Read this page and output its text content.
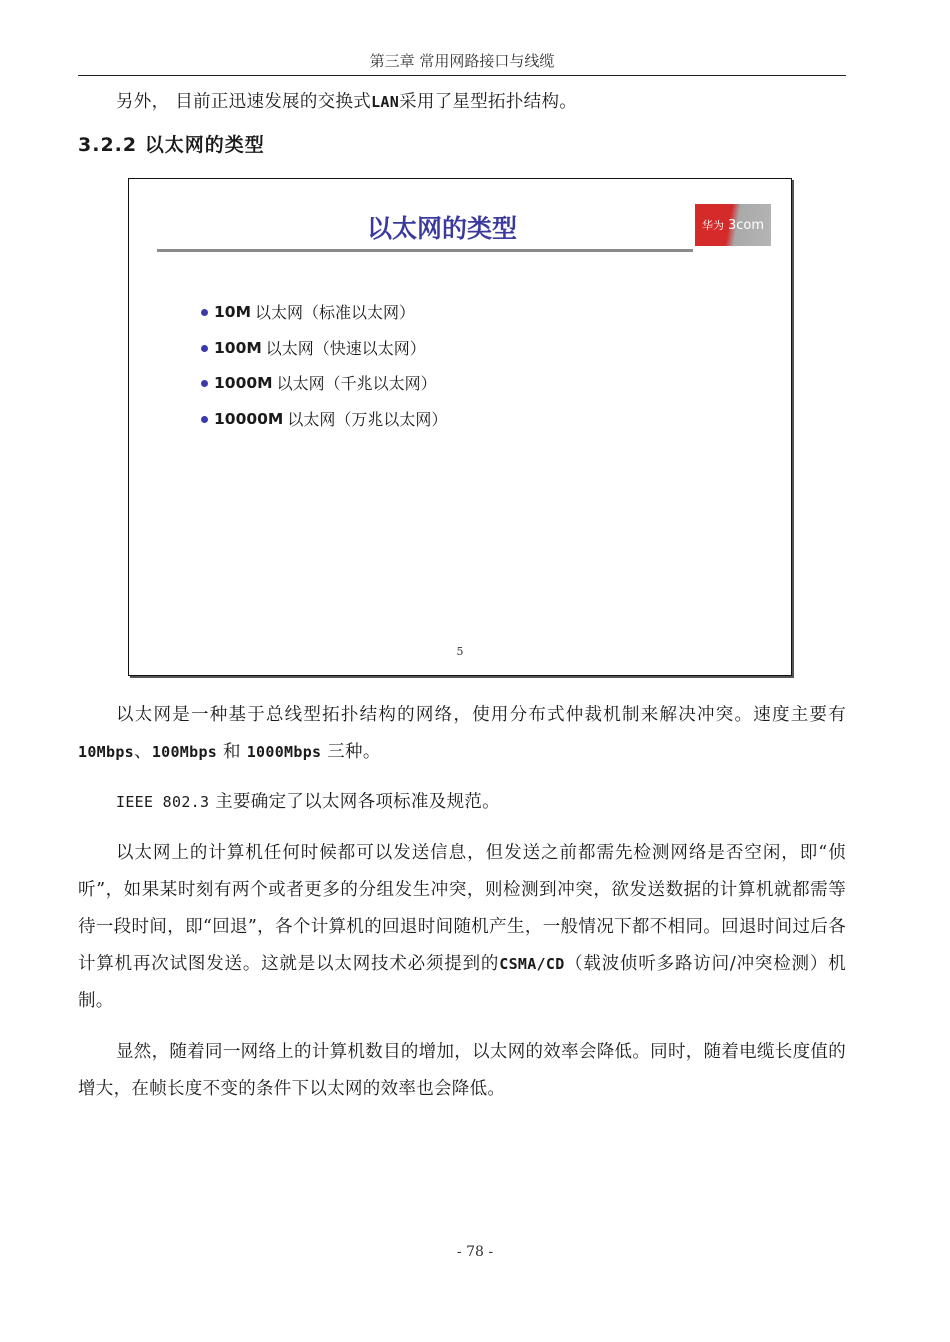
第三章 常用网路接口与线缆
另外， 目前正迅速发展的交换式LAN采用了星型拓扑结构。
3.2.2 以太网的类型
以太网的类型	华为 3com
10M 以太网（标准以太网）
100M 以太网（快速以太网）
1000M 以太网（千兆以太网）
10000M 以太网（万兆以太网）
5
以太网是一种基于总线型拓扑结构的网络，使用分布式仲裁机制来解决冲突。速度主要有 10Mbps、100Mbps 和 1000Mbps 三种。
IEEE 802.3 主要确定了以太网各项标准及规范。
以太网上的计算机任何时候都可以发送信息，但发送之前都需先检测网络是否空闲，即“侦听”，如果某时刻有两个或者更多的分组发生冲突，则检测到冲突，欲发送数据的计算机就都需等待一段时间，即“回退”，各个计算机的回退时间随机产生，一般情况下都不相同。回退时间过后各计算机再次试图发送。这就是以太网技术必须提到的CSMA/CD（载波侦听多路访问/冲突检测）机制。
显然，随着同一网络上的计算机数目的增加，以太网的效率会降低。同时，随着电缆长度值的增大，在帧长度不变的条件下以太网的效率也会降低。
- 78 -
